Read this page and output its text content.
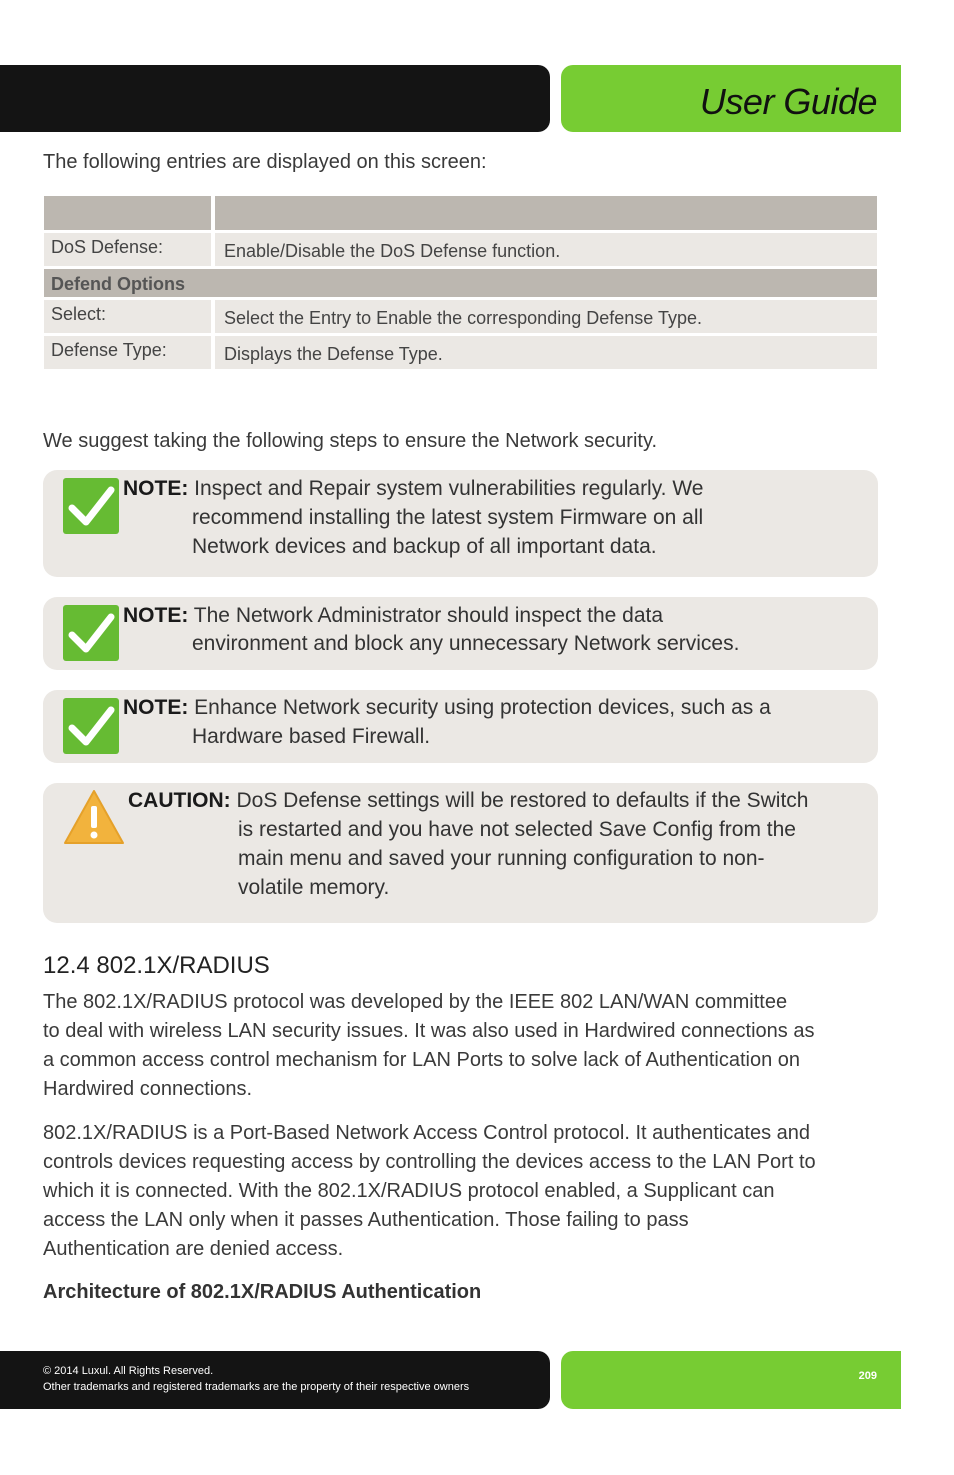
User Guide
The following entries are displayed on this screen:
DoS Defense:	Enable/Disable the DoS Defense function.
Defend Options
Select:	Select the Entry to Enable the corresponding Defense Type.
Defense Type:	Displays the Defense Type.
We suggest taking the following steps to ensure the Network security.
NOTE: Inspect and Repair system vulnerabilities regularly. We
recommend installing the latest system Firmware on all
Network devices and backup of all important data.
NOTE: The Network Administrator should inspect the data
environment and block any unnecessary Network services.
NOTE: Enhance Network security using protection devices, such as a
Hardware based Firewall.
CAUTION: DoS Defense settings will be restored to defaults if the Switch
is restarted and you have not selected Save Config from the
main menu and saved your running configuration to non-
volatile memory.
12.4 802.1X/RADIUS
The 802.1X/RADIUS protocol was developed by the IEEE 802 LAN/WAN committee
to deal with wireless LAN security issues. It was also used in Hardwired connections as
a common access control mechanism for LAN Ports to solve lack of Authentication on
Hardwired connections.
802.1X/RADIUS is a Port-Based Network Access Control protocol. It authenticates and
controls devices requesting access by controlling the devices access to the LAN Port to
which it is connected. With the 802.1X/RADIUS protocol enabled, a Supplicant can
access the LAN only when it passes Authentication. Those failing to pass
Authentication are denied access.
Architecture of 802.1X/RADIUS Authentication
© 2014 Luxul. All Rights Reserved.
Other trademarks and registered trademarks are the property of their respective owners
209
